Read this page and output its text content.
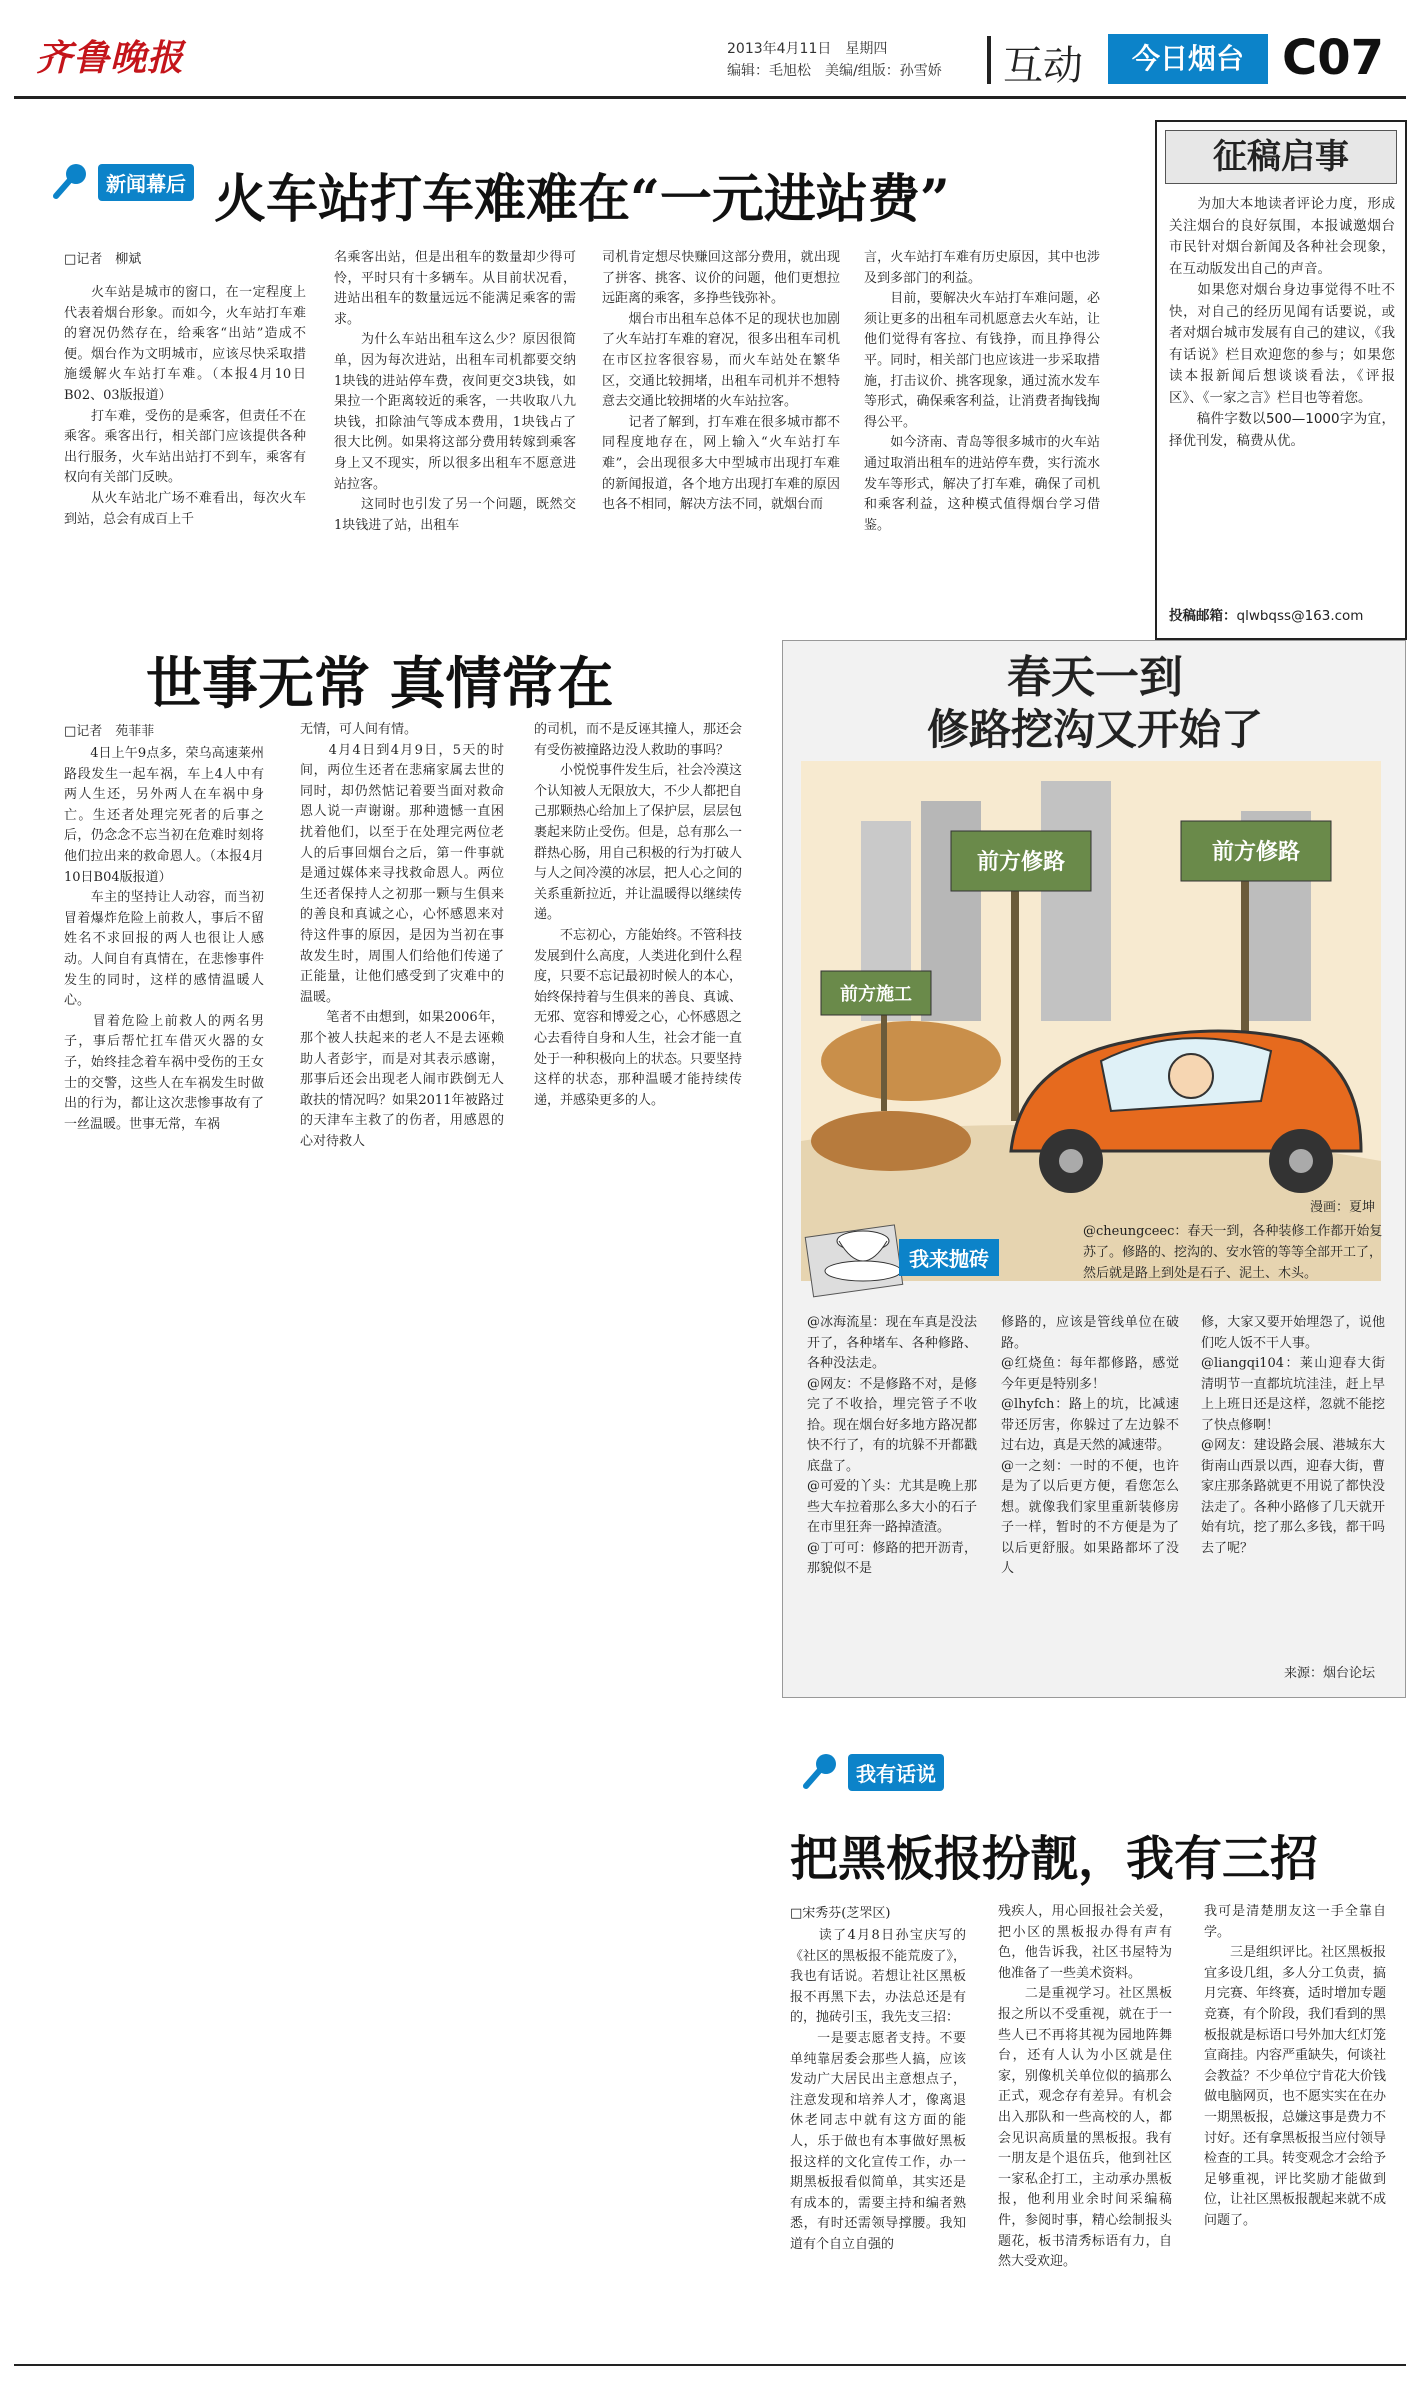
齐鲁晚报	2013年4月11日　星期四
编辑：毛旭松　美编/组版：孙雪娇 互动	今日烟台 C07
新闻幕后 火车站打车难难在“一元进站费”
□记者　柳斌
　　火车站是城市的窗口，在一定程度上代表着烟台形象。而如今，火车站打车难的窘况仍然存在，给乘客“出站”造成不便。烟台作为文明城市，应该尽快采取措施缓解火车站打车难。（本报4月10日B02、03版报道）
　　打车难，受伤的是乘客，但责任不在乘客。乘客出行，相关部门应该提供各种出行服务，火车站出站打不到车，乘客有权向有关部门反映。
　　从火车站北广场不难看出，每次火车到站，总会有成百上千
名乘客出站，但是出租车的数量却少得可怜，平时只有十多辆车。从目前状况看，进站出租车的数量远远不能满足乘客的需求。
　　为什么车站出租车这么少？原因很简单，因为每次进站，出租车司机都要交纳1块钱的进站停车费，夜间更交3块钱，如果拉一个距离较近的乘客，一共收取八九块钱，扣除油气等成本费用，1块钱占了很大比例。如果将这部分费用转嫁到乘客身上又不现实，所以很多出租车不愿意进站拉客。
　　这同时也引发了另一个问题，既然交1块钱进了站，出租车
司机肯定想尽快赚回这部分费用，就出现了拼客、挑客、议价的问题，他们更想拉远距离的乘客，多挣些钱弥补。
　　烟台市出租车总体不足的现状也加剧了火车站打车难的窘况，很多出租车司机在市区拉客很容易，而火车站处在繁华区，交通比较拥堵，出租车司机并不想特意去交通比较拥堵的火车站拉客。
　　记者了解到，打车难在很多城市都不同程度地存在，网上输入“火车站打车难”，会出现很多大中型城市出现打车难的新闻报道，各个地方出现打车难的原因也各不相同，解决方法不同，就烟台而
言，火车站打车难有历史原因，其中也涉及到多部门的利益。
　　目前，要解决火车站打车难问题，必须让更多的出租车司机愿意去火车站，让他们觉得有客拉、有钱挣，而且挣得公平。同时，相关部门也应该进一步采取措施，打击议价、挑客现象，通过流水发车等形式，确保乘客利益，让消费者掏钱掏得公平。
　　如今济南、青岛等很多城市的火车站通过取消出租车的进站停车费，实行流水发车等形式，解决了打车难，确保了司机和乘客利益，这种模式值得烟台学习借鉴。
征稿启事
　　为加大本地读者评论力度，形成关注烟台的良好氛围，本报诚邀烟台市民针对烟台新闻及各种社会现象，在互动版发出自己的声音。
　　如果您对烟台身边事觉得不吐不快，对自己的经历见闻有话要说，或者对烟台城市发展有自己的建议，《我有话说》栏目欢迎您的参与；如果您读本报新闻后想谈谈看法，《评报区》、《一家之言》栏目也等着您。
　　稿件字数以500—1000字为宜，择优刊发，稿费从优。
投稿邮箱：qlwbqss@163.com
世事无常 真情常在
□记者　苑菲菲
　　4日上午9点多，荣乌高速莱州路段发生一起车祸，车上4人中有两人生还，另外两人在车祸中身亡。生还者处理完死者的后事之后，仍念念不忘当初在危难时刻将他们拉出来的救命恩人。（本报4月10日B04版报道）
　　车主的坚持让人动容，而当初冒着爆炸危险上前救人，事后不留姓名不求回报的两人也很让人感动。人间自有真情在，在悲惨事件发生的同时，这样的感情温暖人心。
　　冒着危险上前救人的两名男子，事后帮忙扛车借灭火器的女子，始终挂念着车祸中受伤的王女士的交警，这些人在车祸发生时做出的行为，都让这次悲惨事故有了一丝温暖。世事无常，车祸
无情，可人间有情。
　　4月4日到4月9日，5天的时间，两位生还者在悲痛家属去世的同时，却仍然惦记着要当面对救命恩人说一声谢谢。那种遗憾一直困扰着他们，以至于在处理完两位老人的后事回烟台之后，第一件事就是通过媒体来寻找救命恩人。两位生还者保持人之初那一颗与生俱来的善良和真诚之心，心怀感恩来对待这件事的原因，是因为当初在事故发生时，周围人们给他们传递了正能量，让他们感受到了灾难中的温暖。
　　笔者不由想到，如果2006年，那个被人扶起来的老人不是去诬赖助人者彭宇，而是对其表示感谢，那事后还会出现老人闹市跌倒无人敢扶的情况吗？如果2011年被路过的天津车主救了的伤者，用感恩的心对待救人
的司机，而不是反诬其撞人，那还会有受伤被撞路边没人救助的事吗？
　　小悦悦事件发生后，社会冷漠这个认知被人无限放大，不少人都把自己那颗热心给加上了保护层，层层包裹起来防止受伤。但是，总有那么一群热心肠，用自己积极的行为打破人与人之间冷漠的冰层，把人心之间的关系重新拉近，并让温暖得以继续传递。
　　不忘初心，方能始终。不管科技发展到什么高度，人类进化到什么程度，只要不忘记最初时候人的本心，始终保持着与生俱来的善良、真诚、无邪、宽容和博爱之心，心怀感恩之心去看待自身和人生，社会才能一直处于一种积极向上的状态。只要坚持这样的状态，那种温暖才能持续传递，并感染更多的人。
春天一到
修路挖沟又开始了
前方修路	前方修路
前方施工
漫画：夏坤
我来抛砖
@cheungceec：春天一到，各种装修工作都开始复苏了。修路的、挖沟的、安水管的等等全部开工了，然后就是路上到处是石子、泥土、木头。
@冰海流星：现在车真是没法开了，各种堵车、各种修路、各种没法走。
@网友：不是修路不对，是修完了不收拾，埋完管子不收拾。现在烟台好多地方路况都快不行了，有的坑躲不开都戳底盘了。
@可爱的丫头：尤其是晚上那些大车拉着那么多大小的石子在市里狂奔一路掉渣渣。
@丁可可：修路的把开沥青，那貌似不是
修路的，应该是管线单位在破路。
@红烧鱼：每年都修路，感觉今年更是特别多！
@lhyfch：路上的坑，比减速带还厉害，你躲过了左边躲不过右边，真是天然的减速带。
@一之刻：一时的不便，也许是为了以后更方便，看您怎么想。就像我们家里重新装修房子一样，暂时的不方便是为了以后更舒服。如果路都坏了没人
修，大家又要开始埋怨了，说他们吃人饭不干人事。
@liangqi104：莱山迎春大街清明节一直都坑坑洼洼，赶上早上上班日还是这样，忽就不能挖了快点修啊！
@网友：建设路会展、港城东大街南山西景以西，迎春大街，曹家庄那条路就更不用说了都快没法走了。各种小路修了几天就开始有坑，挖了那么多钱，都干吗去了呢？
来源：烟台论坛
我有话说
把黑板报扮靓，我有三招
□宋秀芬(芝罘区)
　　读了4月8日孙宝庆写的《社区的黑板报不能荒废了》，我也有话说。若想让社区黑板报不再黑下去，办法总还是有的，抛砖引玉，我先支三招：
　　一是要志愿者支持。不要单纯靠居委会那些人搞，应该发动广大居民出主意想点子，注意发现和培养人才，像离退休老同志中就有这方面的能人，乐于做也有本事做好黑板报这样的文化宣传工作，办一期黑板报看似简单，其实还是有成本的，需要主持和编者熟悉，有时还需领导撑腰。我知道有个自立自强的
残疾人，用心回报社会关爱，把小区的黑板报办得有声有色，他告诉我，社区书屋特为他准备了一些美术资料。
　　二是重视学习。社区黑板报之所以不受重视，就在于一些人已不再将其视为园地阵舞台，还有人认为小区就是住家，别像机关单位似的搞那么正式，观念存有差异。有机会出入那队和一些高校的人，都会见识高质量的黑板报。我有一朋友是个退伍兵，他到社区一家私企打工，主动承办黑板报，他利用业余时间采编稿件，参阅时事，精心绘制报头题花，板书清秀标语有力，自然大受欢迎。
我可是清楚朋友这一手全靠自学。
　　三是组织评比。社区黑板报宜多设几组，多人分工负责，搞月完赛、年终赛，适时增加专题竞赛，有个阶段，我们看到的黑板报就是标语口号外加大红灯笼宣商挂。内容严重缺失，何谈社会教益？不少单位宁肯花大价钱做电脑网页，也不愿实实在在办一期黑板报，总嫌这事是费力不讨好。还有拿黑板报当应付领导检查的工具。转变观念才会给予足够重视，评比奖励才能做到位，让社区黑板报靓起来就不成问题了。
